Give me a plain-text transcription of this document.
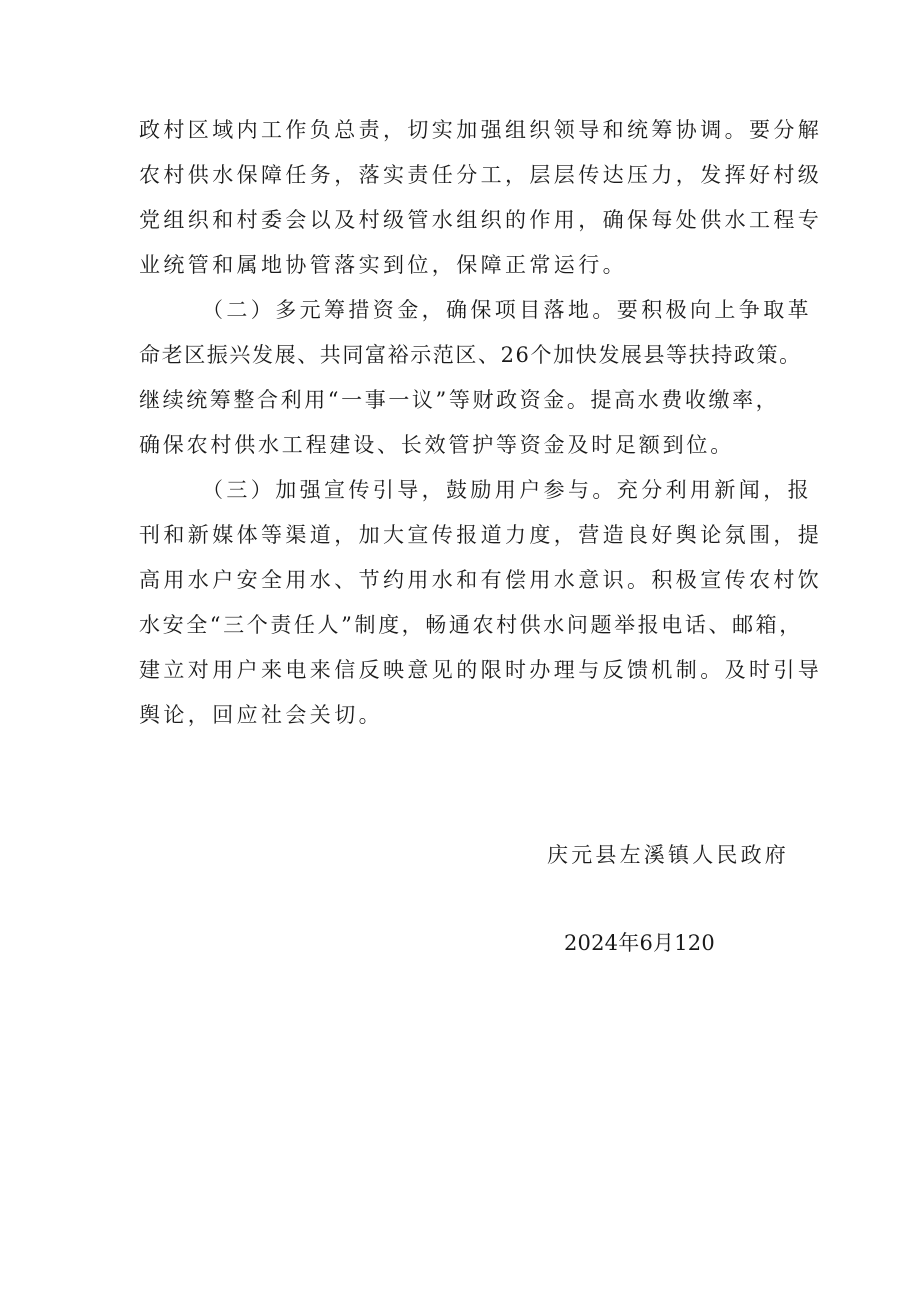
政村区域内工作负总责，切实加强组织领导和统筹协调。要分解
农村供水保障任务，落实责任分工，层层传达压力，发挥好村级
党组织和村委会以及村级管水组织的作用，确保每处供水工程专
业统管和属地协管落实到位，保障正常运行。
（二）多元筹措资金，确保项目落地。要积极向上争取革
命老区振兴发展、共同富裕示范区、26个加快发展县等扶持政策。
继续统筹整合利用“一事一议”等财政资金。提高水费收缴率，
确保农村供水工程建设、长效管护等资金及时足额到位。
（三）加强宣传引导，鼓励用户参与。充分利用新闻，报
刊和新媒体等渠道，加大宣传报道力度，营造良好舆论氛围，提
高用水户安全用水、节约用水和有偿用水意识。积极宣传农村饮
水安全“三个责任人”制度，畅通农村供水问题举报电话、邮箱，
建立对用户来电来信反映意见的限时办理与反馈机制。及时引导
舆论，回应社会关切。
庆元县左溪镇人民政府
2024年6月120
